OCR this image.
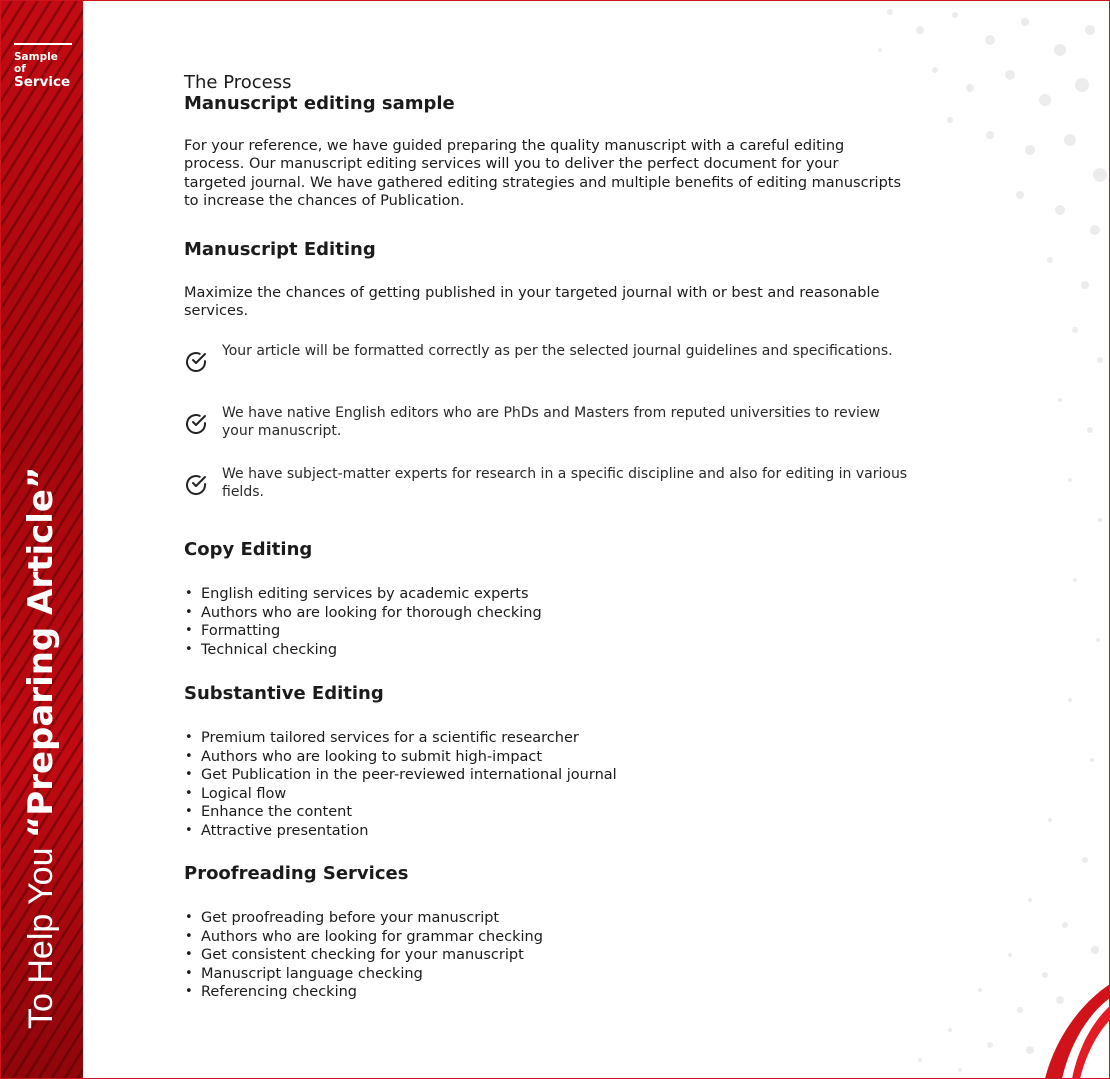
Sample of
Service
To Help You “Preparing Article”
The Process
Manuscript editing sample

For your reference, we have guided preparing the quality manuscript with a careful editing process. Our manuscript editing services will you to deliver the perfect document for your targeted journal. We have gathered editing strategies and multiple benefits of editing manuscripts to increase the chances of Publication.

Manuscript Editing

Maximize the chances of getting published in your targeted journal with or best and reasonable services.

Your article will be formatted correctly as per the selected journal guidelines and specifications.
We have native English editors who are PhDs and Masters from reputed universities to review your manuscript.
We have subject-matter experts for research in a specific discipline and also for editing in various fields.
Copy Editing
• English editing services by academic experts
• Authors who are looking for thorough checking
• Formatting
• Technical checking
Substantive Editing
• Premium tailored services for a scientific researcher
• Authors who are looking to submit high-impact
• Get Publication in the peer-reviewed international journal
• Logical flow
• Enhance the content
• Attractive presentation
Proofreading Services
• Get proofreading before your manuscript
• Authors who are looking for grammar checking
• Get consistent checking for your manuscript
• Manuscript language checking
• Referencing checking
